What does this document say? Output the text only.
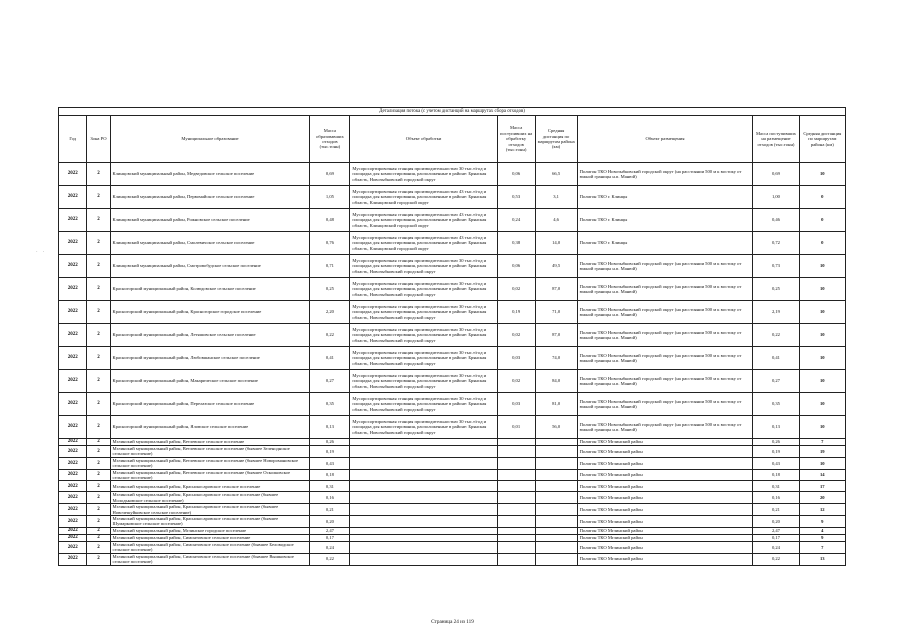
· ·
Детализация потока (с учетом дистанций на маршрутах сбора отходов)									
Год	Зона РО	Муниципальное образование	Масса образовавших отходов (тыс.тонн)	Объект обработки	Масса поступивших на обработку отходов (тыс.тонн)	Средняя дистанция по маршрутам района (км)	Объект размещения	Масса поступивших на размещение отходов (тыс.тонн)	Средняя дистанция по маршрутам района (км)
2022	2	Клинцовский муниципальный район, Медведовское сельское поселение	0,69	Мусоросортировочная станция производительностью 30 тыс.т/год и площадка для компостирования, расположенные в районе: Брянская область, Новозыбковский городской округ	0,06	66,5	Полигон ТКО Новозыбковский городской округ (на расстоянии 500 м к востоку от южной границы н.п. Манюй)	0,69	10
2022	2	Клинцовский муниципальный район, Первомайское сельское поселение	1,05	Мусоросортировочная станция производительностью 43 тыс.т/год и площадка для компостирования, расположенные в районе: Брянская область, Клинцовский городской округ	0,53	3,1	Полигон ТКО г. Клинцы	1,00	0
2022	2	Клинцовский муниципальный район, Рожновское сельское поселение	0,48	Мусоросортировочная станция производительностью 43 тыс.т/год и площадка для компостирования, расположенные в районе: Брянская область, Клинцовский городской округ	0,24	4,6	Полигон ТКО г. Клинцы	0,46	0
2022	2	Клинцовский муниципальный район, Смолевичское сельское поселение	0,76	Мусоросортировочная станция производительностью 43 тыс.т/год и площадка для компостирования, расположенные в районе: Брянская область, Клинцовский городской округ	0,38	14,0	Полигон ТКО г. Клинцы	0,72	0
2022	2	Клинцовский муниципальный район, Смотровобудское сельское поселение	0,71	Мусоросортировочная станция производительностью 30 тыс.т/год и площадка для компостирования, расположенные в районе: Брянская область, Новозыбковский городской округ	0,06	49,5	Полигон ТКО Новозыбковский городской округ (на расстоянии 500 м к востоку от южной границы н.п. Манюй)	0,73	10
2022	2	Красногорский муниципальный район, Колюдовское сельское поселение	0,25	Мусоросортировочная станция производительностью 30 тыс.т/год и площадка для компостирования, расположенные в районе: Брянская область, Новозыбковский городской округ	0,02	87,0	Полигон ТКО Новозыбковский городской округ (на расстоянии 500 м к востоку от южной границы н.п. Манюй)	0,25	10
2022	2	Красногорский муниципальный район, Красногорское городское поселение	2,20	Мусоросортировочная станция производительностью 30 тыс.т/год и площадка для компостирования, расположенные в районе: Брянская область, Новозыбковский городской округ	0,19	71,0	Полигон ТКО Новозыбковский городской округ (на расстоянии 500 м к востоку от южной границы н.п. Манюй)	2,19	10
2022	2	Красногорский муниципальный район, Летяшовское сельское поселение	0,22	Мусоросортировочная станция производительностью 30 тыс.т/год и площадка для компостирования, расположенные в районе: Брянская область, Новозыбковский городской округ	0,02	87,0	Полигон ТКО Новозыбковский городской округ (на расстоянии 500 м к востоку от южной границы н.п. Манюй)	0,22	10
2022	2	Красногорский муниципальный район, Любовшанское сельское поселение	0,41	Мусоросортировочная станция производительностью 30 тыс.т/год и площадка для компостирования, расположенные в районе: Брянская область, Новозыбковский городской округ	0,03	74,0	Полигон ТКО Новозыбковский городской округ (на расстоянии 500 м к востоку от южной границы н.п. Манюй)	0,41	10
2022	2	Красногорский муниципальный район, Макарическое сельское поселение	0,27	Мусоросортировочная станция производительностью 30 тыс.т/год и площадка для компостирования, расположенные в районе: Брянская область, Новозыбковский городской округ	0,02	84,0	Полигон ТКО Новозыбковский городской округ (на расстоянии 500 м к востоку от южной границы н.п. Манюй)	0,27	10
2022	2	Красногорский муниципальный район, Перелазское сельское поселение	0,35	Мусоросортировочная станция производительностью 30 тыс.т/год и площадка для компостирования, расположенные в районе: Брянская область, Новозыбковский городской округ	0,03	81,0	Полигон ТКО Новозыбковский городской округ (на расстоянии 500 м к востоку от южной границы н.п. Манюй)	0,35	10
2022	2	Красногорский муниципальный район, Яловское сельское поселение	0,13	Мусоросортировочная станция производительностью 30 тыс.т/год и площадка для компостирования, расположенные в районе: Брянская область, Новозыбковский городской округ	0,01	56,0	Полигон ТКО Новозыбковский городской округ (на расстоянии 500 м к востоку от южной границы н.п. Манюй)	0,13	10
2022	2	Мглинский муниципальный район, Ветлевское сельское поселение	0,26				Полигон ТКО Мглинский район	0,26	7
2022	2	Мглинский муниципальный район, Ветлевское сельское поселение (бывшее Зеленоднское сельское поселение)	0,19				Полигон ТКО Мглинский район	0,19	19
2022	2	Мглинский муниципальный район, Ветлевское сельское поселение (бывшее Новоромановское сельское поселение)	0,43				Полигон ТКО Мглинский район	0,43	10
2022	2	Мглинский муниципальный район, Ветлевское сельское поселение (бывшее Осколковское сельское поселение)	0,18				Полигон ТКО Мглинский район	0,18	14
2022	2	Мглинский муниципальный район, Краснокосаровское сельское поселение	0,31				Полигон ТКО Мглинский район	0,31	17
2022	2	Мглинский муниципальный район, Краснокосаровское сельское поселение (бывшее Молодьковское сельское поселение)	0,16				Полигон ТКО Мглинский район	0,16	20
2022	2	Мглинский муниципальный район, Краснокосаровское сельское поселение (бывшее Новочешуйковское сельское поселение)	0,21				Полигон ТКО Мглинский район	0,21	12
2022	2	Мглинский муниципальный район, Краснокосаровское сельское поселение (бывшее Шумарковское сельское поселение)	0,20				Полигон ТКО Мглинский район	0,20	9
2022	2	Мглинский муниципальный район, Мглинское городское поселение	2,47				Полигон ТКО Мглинский район	2,47	4
2022	2	Мглинский муниципальный район, Симонтовское сельское поселение	0,17				Полигон ТКО Мглинский район	0,17	9
2022	2	Мглинский муниципальный район, Симонтовское сельское поселение (бывшее Беловодское сельское поселение)	0,24				Полигон ТКО Мглинский район	0,24	7
2022	2	Мглинский муниципальный район, Симонтовское сельское поселение (бывшее Вышковское сельское поселение)	0,22				Полигон ТКО Мглинский район	0,22	13
Страница 24 из 119
